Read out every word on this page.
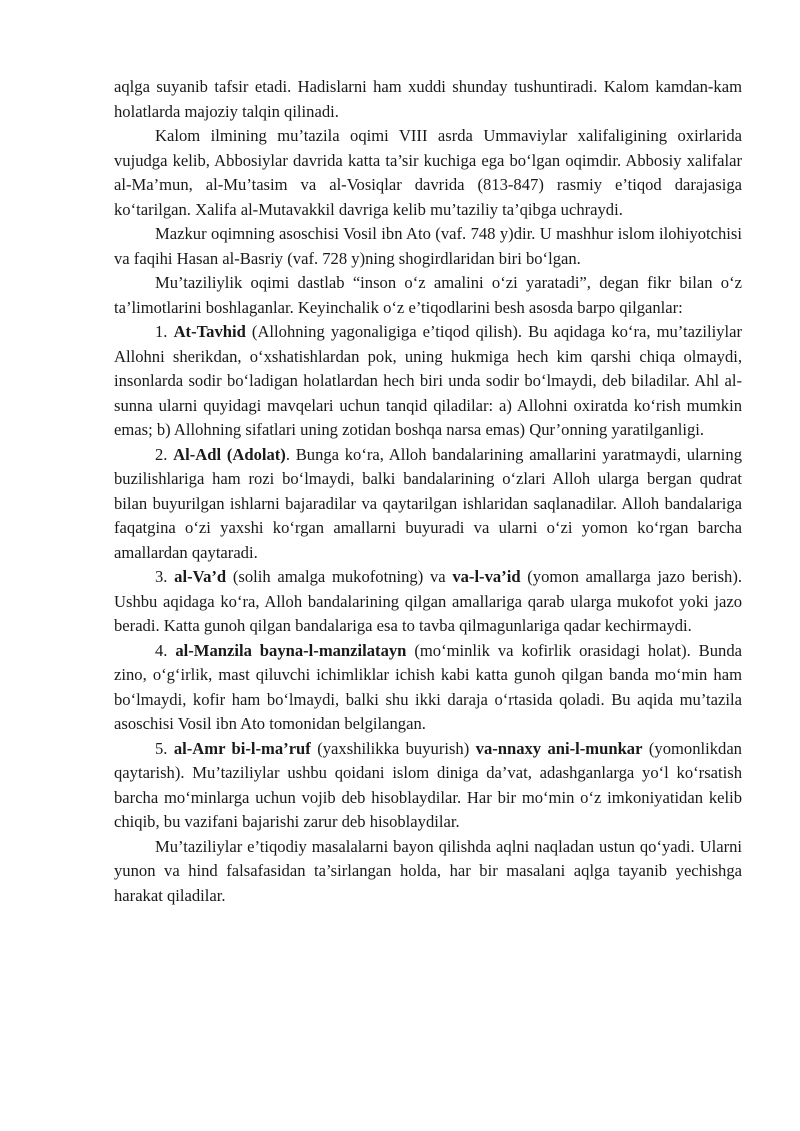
aqlga suyanib tafsir etadi. Hadislarni ham xuddi shunday tushuntiradi. Kalom kamdan-kam holatlarda majoziy talqin qilinadi.

Kalom ilmining mu’tazila oqimi VIII asrda Ummaviylar xalifaligining oxirlarida vujudga kelib, Abbosiylar davrida katta ta’sir kuchiga ega bo‘lgan oqimdir. Abbosiy xalifalar al-Ma’mun, al-Mu’tasim va al-Vosiqlar davrida (813-847) rasmiy e’tiqod darajasiga ko‘tarilgan. Xalifa al-Mutavakkil davriga kelib mu’taziliy ta’qibga uchraydi.

Mazkur oqimning asoschisi Vosil ibn Ato (vaf. 748 y)dir. U mashhur islom ilohiyotchisi va faqihi Hasan al-Basriy (vaf. 728 y)ning shogirdlaridan biri bo‘lgan.

Mu’taziliylik oqimi dastlab “inson o‘z amalini o‘zi yaratadi”, degan fikr bilan o‘z ta’limotlarini boshlaganlar. Keyinchalik o‘z e’tiqodlarini besh asosda barpo qilganlar:

1. At-Tavhid (Allohning yagonaligiga e’tiqod qilish). Bu aqidaga ko‘ra, mu’taziliylar Allohni sherikdan, o‘xshatishlardan pok, uning hukmiga hech kim qarshi chiqa olmaydi, insonlarda sodir bo‘ladigan holatlardan hech biri unda sodir bo‘lmaydi, deb biladilar. Ahl al-sunna ularni quyidagi mavqelari uchun tanqid qiladilar: a) Allohni oxiratda ko‘rish mumkin emas; b) Allohning sifatlari uning zotidan boshqa narsa emas) Qur’onning yaratilganligi.

2. Al-Adl (Adolat). Bunga ko‘ra, Alloh bandalarining amallarini yaratmaydi, ularning buzilishlariga ham rozi bo‘lmaydi, balki bandalarining o‘zlari Alloh ularga bergan qudrat bilan buyurilgan ishlarni bajaradilar va qaytarilgan ishlaridan saqlanadilar. Alloh bandalariga faqatgina o‘zi yaxshi ko‘rgan amallarni buyuradi va ularni o‘zi yomon ko‘rgan barcha amallardan qaytaradi.

3. al-Va’d (solih amalga mukofotning) va va-l-va’id (yomon amallarga jazo berish). Ushbu aqidaga ko‘ra, Alloh bandalarining qilgan amallariga qarab ularga mukofot yoki jazo beradi. Katta gunoh qilgan bandalariga esa to tavba qilmagunlariga qadar kechirmaydi.

4. al-Manzila bayna-l-manzilatayn (mo‘minlik va kofirlik orasidagi holat). Bunda zino, o‘g‘irlik, mast qiluvchi ichimliklar ichish kabi katta gunoh qilgan banda mo‘min ham bo‘lmaydi, kofir ham bo‘lmaydi, balki shu ikki daraja o‘rtasida qoladi. Bu aqida mu’tazila asoschisi Vosil ibn Ato tomonidan belgilangan.

5. al-Amr bi-l-ma’ruf (yaxshilikka buyurish) va-nnaxy ani-l-munkar (yomonlikdan qaytarish). Mu’taziliylar ushbu qoidani islom diniga da’vat, adashganlarga yo‘l ko‘rsatish barcha mo‘minlarga uchun vojib deb hisoblaydilar. Har bir mo‘min o‘z imkoniyatidan kelib chiqib, bu vazifani bajarishi zarur deb hisoblaydilar.

Mu’taziliylar e’tiqodiy masalalarni bayon qilishda aqlni naqladan ustun qo‘yadi. Ularni yunon va hind falsafasidan ta’sirlangan holda, har bir masalani aqlga tayanib yechishga harakat qiladilar.
